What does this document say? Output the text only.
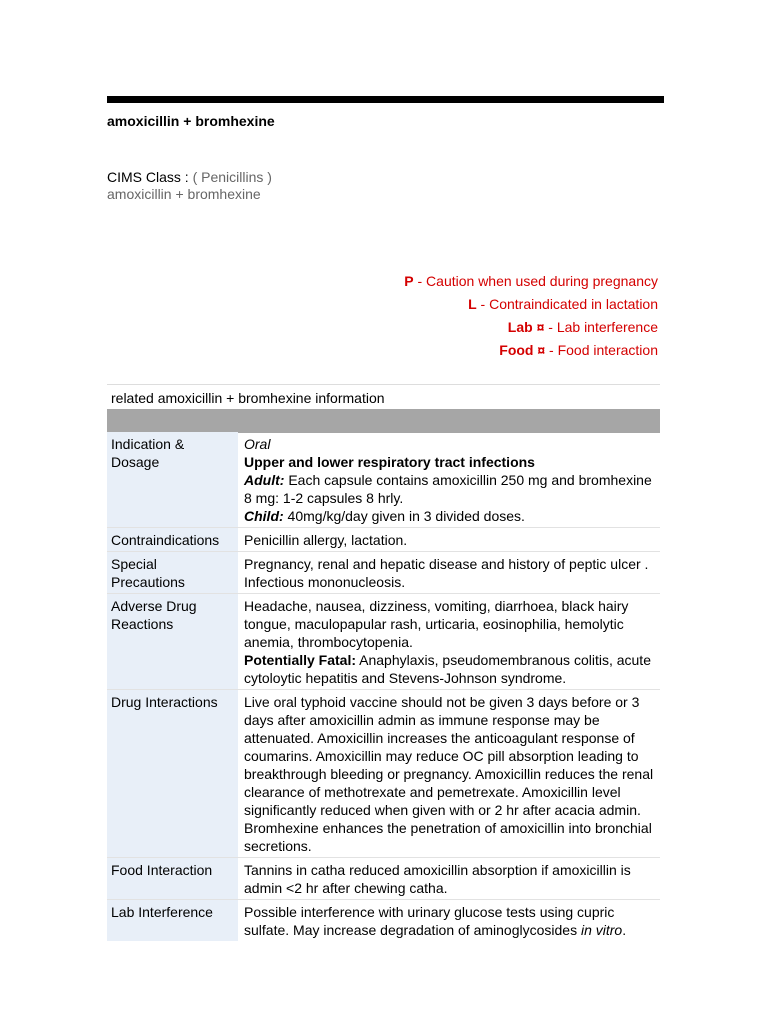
amoxicillin + bromhexine
CIMS Class : ( Penicillins )
amoxicillin + bromhexine
P - Caution when used during pregnancy
L - Contraindicated in lactation
Lab ¤ - Lab interference
Food ¤ - Food interaction
related amoxicillin + bromhexine information
Indication & Dosage	Oral
Upper and lower respiratory tract infections
Adult: Each capsule contains amoxicillin 250 mg and bromhexine 8 mg: 1-2 capsules 8 hrly.
Child: 40mg/kg/day given in 3 divided doses.

Contraindications	Penicillin allergy, lactation.
Special Precautions	Pregnancy, renal and hepatic disease and history of peptic ulcer . Infectious mononucleosis.
Adverse Drug Reactions	Headache, nausea, dizziness, vomiting, diarrhoea, black hairy tongue, maculopapular rash, urticaria, eosinophilia, hemolytic anemia, thrombocytopenia.
Potentially Fatal: Anaphylaxis, pseudomembranous colitis, acute cytoloytic hepatitis and Stevens-Johnson syndrome.

Drug Interactions	Live oral typhoid vaccine should not be given 3 days before or 3 days after amoxicillin admin as immune response may be attenuated. Amoxicillin increases the anticoagulant response of coumarins. Amoxicillin may reduce OC pill absorption leading to breakthrough bleeding or pregnancy. Amoxicillin reduces the renal clearance of methotrexate and pemetrexate. Amoxicillin level significantly reduced when given with or 2 hr after acacia admin. Bromhexine enhances the penetration of amoxicillin into bronchial secretions.
Food Interaction	Tannins in catha reduced amoxicillin absorption if amoxicillin is admin <2 hr after chewing catha.
Lab Interference	Possible interference with urinary glucose tests using cupric sulfate. May increase degradation of aminoglycosides in vitro.
